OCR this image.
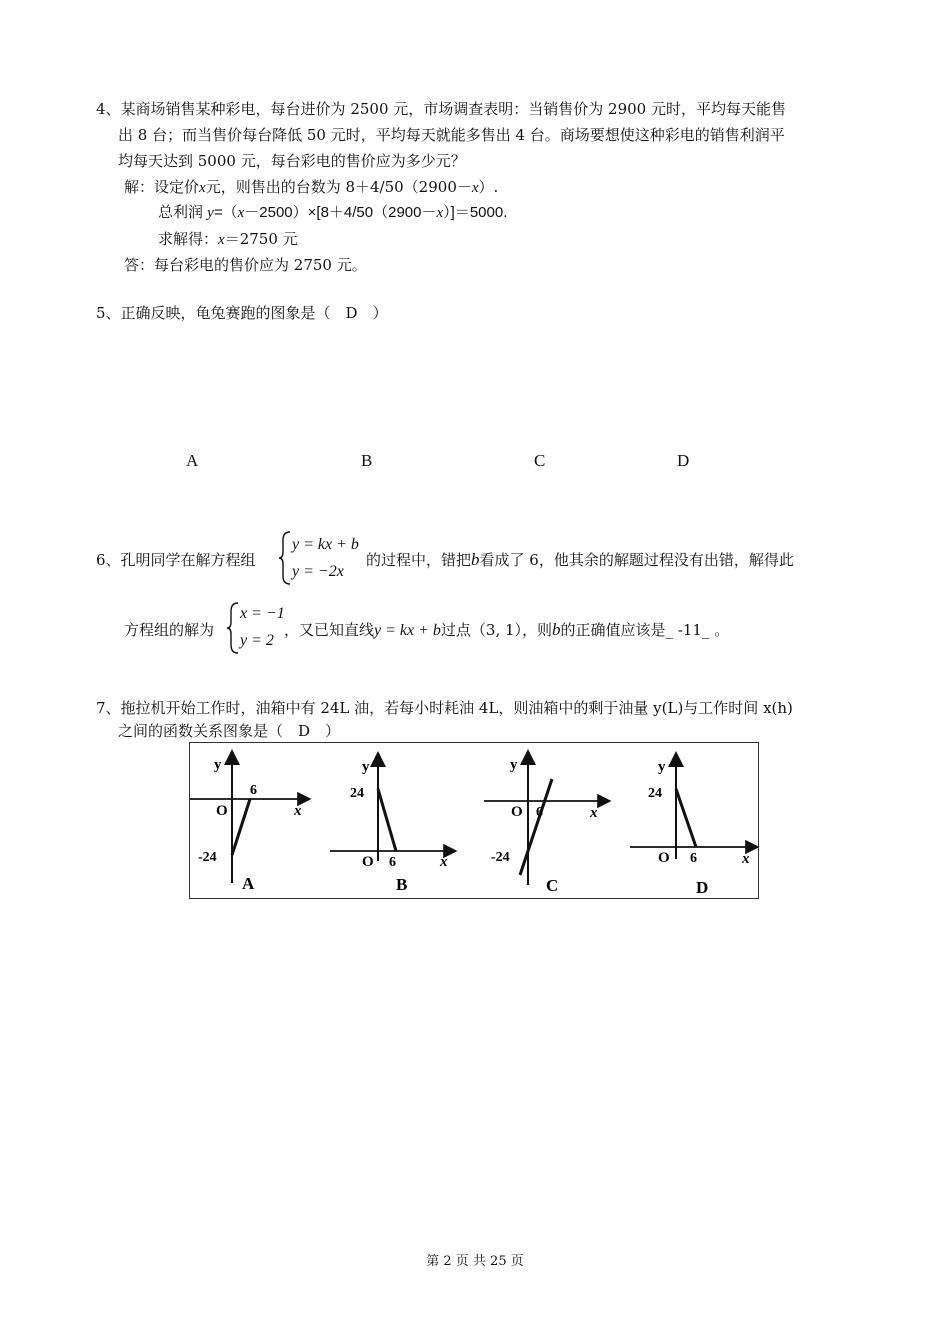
4、某商场销售某种彩电，每台进价为 2500 元，市场调查表明：当销售价为 2900 元时，平均每天能售
出 8 台；而当售价每台降低 50 元时，平均每天就能多售出 4 台。商场要想使这种彩电的销售利润平
均每天达到 5000 元，每台彩电的售价应为多少元？
解：设定价x元，则售出的台数为 8＋4/50（2900－x）.
总利润 y=（x－2500）×[8＋4/50（2900－x）]＝5000.
求解得：x＝2750 元
答：每台彩电的售价应为 2750 元。
5、正确反映，龟兔赛跑的图象是（　D　）
A	B	C	D
6、孔明同学在解方程组
y = kx + b
y = −2x
的过程中，错把b看成了 6，他其余的解题过程没有出错，解得此
方程组的解为
x = −1
y = 2
，又已知直线y = kx + b过点（3, 1），则b的正确值应该是_ -11_ 。
7、拖拉机开始工作时，油箱中有 24L 油，若每小时耗油 4L，则油箱中的剩于油量 y(L)与工作时间 x(h)
之间的函数关系图象是（　D　）
y
x
O
6
-24
A
y
x
O 6
24
B
y
x
O 6
-24
C
y
x
O 6
24
D
第 2 页 共 25 页
